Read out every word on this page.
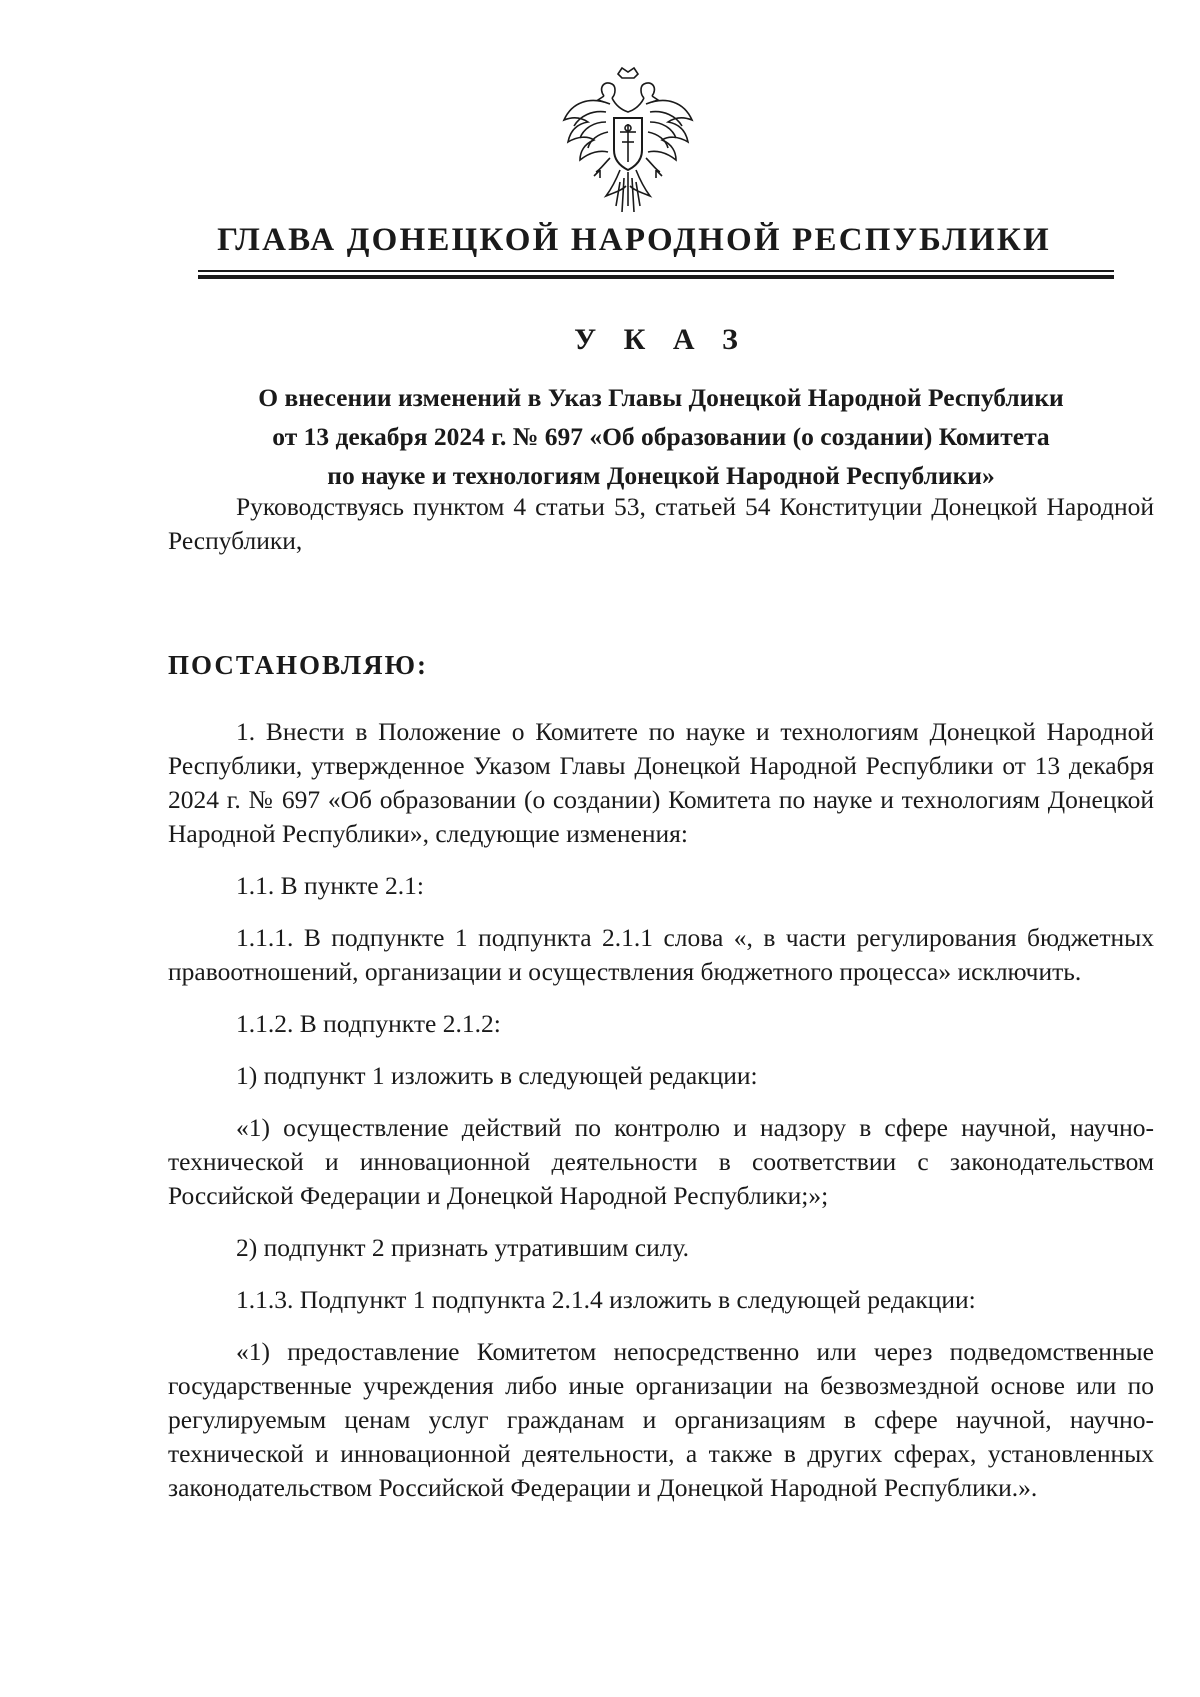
ГЛАВА ДОНЕЦКОЙ НАРОДНОЙ РЕСПУБЛИКИ
У К А З
О внесении изменений в Указ Главы Донецкой Народной Республики
от 13 декабря 2024 г. № 697 «Об образовании (о создании) Комитета
по науке и технологиям Донецкой Народной Республики»

Руководствуясь пунктом 4 статьи 53, статьей 54 Конституции Донецкой Народной Республики,

ПОСТАНОВЛЯЮ:

1. Внести в Положение о Комитете по науке и технологиям Донецкой Народной Республики, утвержденное Указом Главы Донецкой Народной Республики от 13 декабря 2024 г. № 697 «Об образовании (о создании) Комитета по науке и технологиям Донецкой Народной Республики», следующие изменения:

1.1. В пункте 2.1:

1.1.1. В подпункте 1 подпункта 2.1.1 слова «, в части регулирования бюджетных правоотношений, организации и осуществления бюджетного процесса» исключить.

1.1.2. В подпункте 2.1.2:

1) подпункт 1 изложить в следующей редакции:

«1) осуществление действий по контролю и надзору в сфере научной, научно-технической и инновационной деятельности в соответствии с законодательством Российской Федерации и Донецкой Народной Республики;»;

2) подпункт 2 признать утратившим силу.

1.1.3. Подпункт 1 подпункта 2.1.4 изложить в следующей редакции:

«1) предоставление Комитетом непосредственно или через подведомственные государственные учреждения либо иные организации на безвозмездной основе или по регулируемым ценам услуг гражданам и организациям в сфере научной, научно-технической и инновационной деятельности, а также в других сферах, установленных законодательством Российской Федерации и Донецкой Народной Республики.».
